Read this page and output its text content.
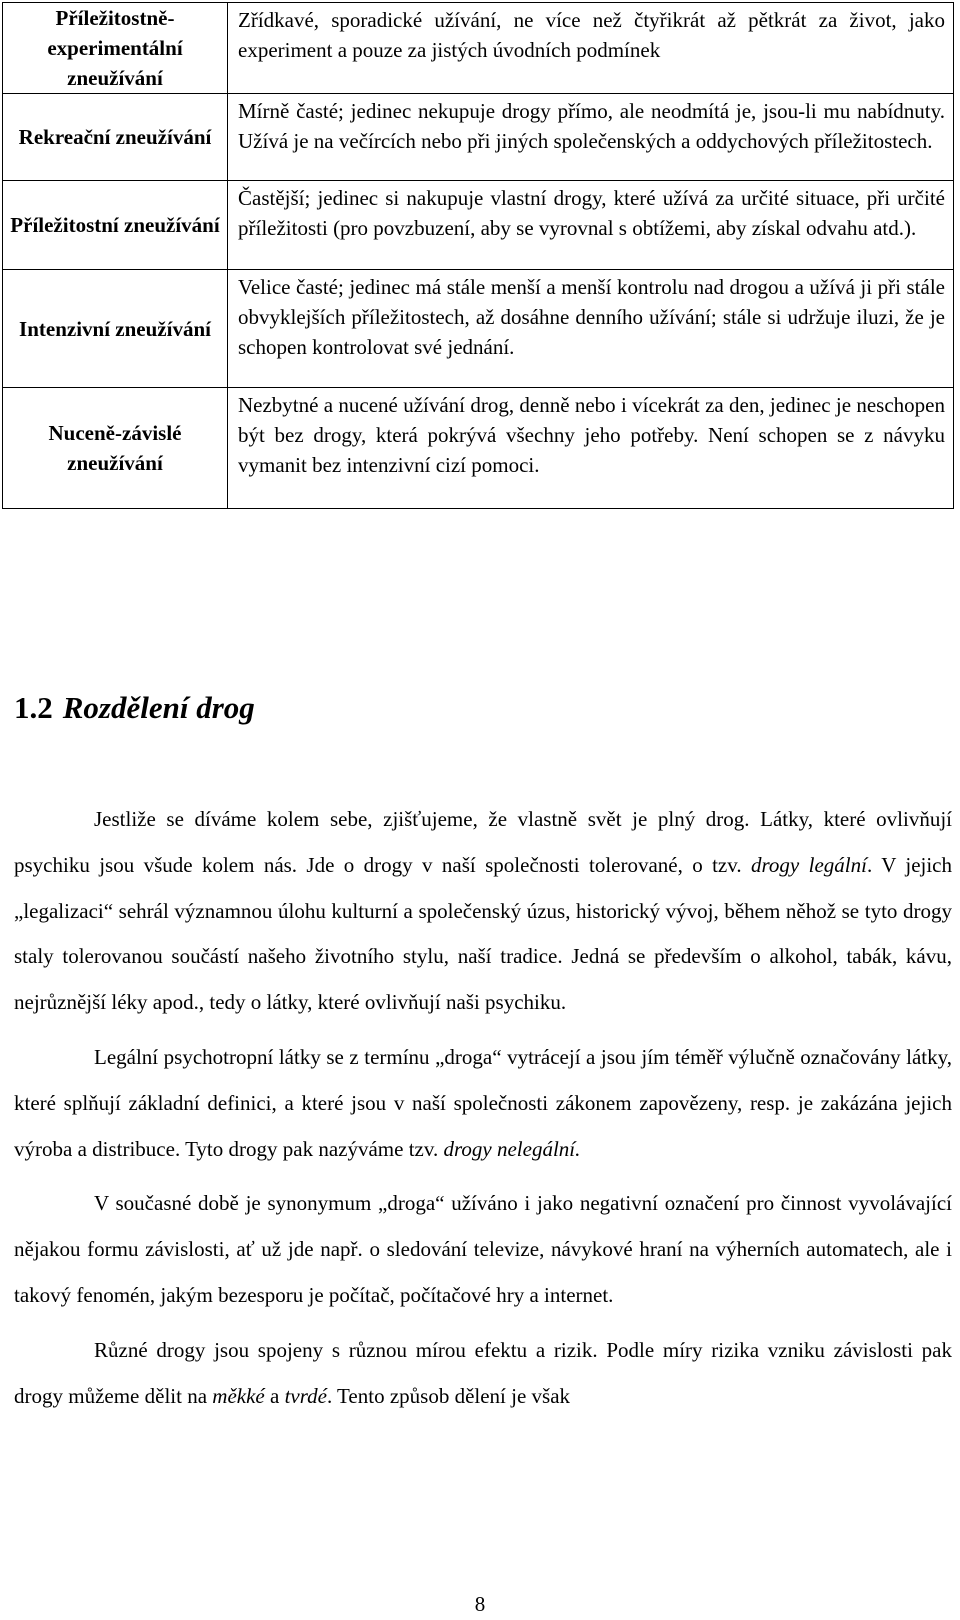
Příležitostně-experimentální zneužívání	Zřídkavé, sporadické užívání, ne více než čtyřikrát až pětkrát za život, jako experiment a pouze za jistých úvodních podmínek
Rekreační zneužívání	Mírně časté; jedinec nekupuje drogy přímo, ale neodmítá je, jsou-li mu nabídnuty. Užívá je na večírcích nebo při jiných společenských a oddychových příležitostech.
Příležitostní zneužívání	Častější; jedinec si nakupuje vlastní drogy, které užívá za určité situace, při určité příležitosti (pro povzbuzení, aby se vyrovnal s obtížemi, aby získal odvahu atd.).
Intenzivní zneužívání	Velice časté; jedinec má stále menší a menší kontrolu nad drogou a užívá ji při stále obvyklejších příležitostech, až dosáhne denního užívání; stále si udržuje iluzi, že je schopen kontrolovat své jednání.
Nuceně-závislé zneužívání	Nezbytné a nucené užívání drog, denně nebo i vícekrát za den, jedinec je neschopen být bez drogy, která pokrývá všechny jeho potřeby. Není schopen se z návyku vymanit bez intenzivní cizí pomoci.
1.2 Rozdělení drog

Jestliže se díváme kolem sebe, zjišťujeme, že vlastně svět je plný drog. Látky, které ovlivňují psychiku jsou všude kolem nás. Jde o drogy v naší společnosti tolerované, o tzv. drogy legální. V jejich „legalizaci“ sehrál významnou úlohu kulturní a společenský úzus, historický vývoj, během něhož se tyto drogy staly tolerovanou součástí našeho životního stylu, naší tradice. Jedná se především o alkohol, tabák, kávu, nejrůznější léky apod., tedy o látky, které ovlivňují naši psychiku.

Legální psychotropní látky se z termínu „droga“ vytrácejí a jsou jím téměř výlučně označovány látky, které splňují základní definici, a které jsou v naší společnosti zákonem zapovězeny, resp. je zakázána jejich výroba a distribuce. Tyto drogy pak nazýváme tzv. drogy nelegální.

V současné době je synonymum „droga“ užíváno i jako negativní označení pro činnost vyvolávající nějakou formu závislosti, ať už jde např. o sledování televize, návykové hraní na výherních automatech, ale i takový fenomén, jakým bezesporu je počítač, počítačové hry a internet.

Různé drogy jsou spojeny s různou mírou efektu a rizik. Podle míry rizika vzniku závislosti pak drogy můžeme dělit na měkké a tvrdé. Tento způsob dělení je však

8
